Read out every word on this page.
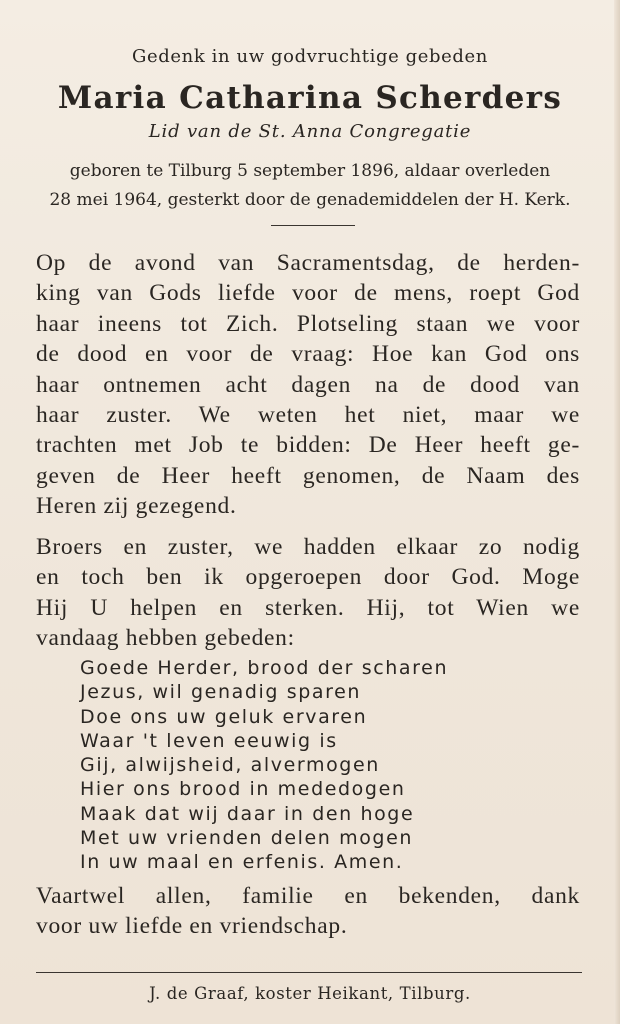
Gedenk in uw godvruchtige gebeden
Maria Catharina Scherders
Lid van de St. Anna Congregatie
geboren te Tilburg 5 september 1896, aldaar overleden
28 mei 1964, gesterkt door de genademiddelen der H. Kerk.
Op de avond van Sacramentsdag, de herden-
king van Gods liefde voor de mens, roept God
haar ineens tot Zich. Plotseling staan we voor
de dood en voor de vraag: Hoe kan God ons
haar ontnemen acht dagen na de dood van
haar zuster. We weten het niet, maar we
trachten met Job te bidden: De Heer heeft ge-
geven de Heer heeft genomen, de Naam des
Heren zij gezegend.
Broers en zuster, we hadden elkaar zo nodig
en toch ben ik opgeroepen door God. Moge
Hij U helpen en sterken. Hij, tot Wien we
vandaag hebben gebeden:
Goede Herder, brood der scharen
Jezus, wil genadig sparen
Doe ons uw geluk ervaren
Waar 't leven eeuwig is
Gij, alwijsheid, alvermogen
Hier ons brood in mededogen
Maak dat wij daar in den hoge
Met uw vrienden delen mogen
In uw maal en erfenis. Amen.
Vaartwel allen, familie en bekenden, dank
voor uw liefde en vriendschap.
J. de Graaf, koster Heikant, Tilburg.
